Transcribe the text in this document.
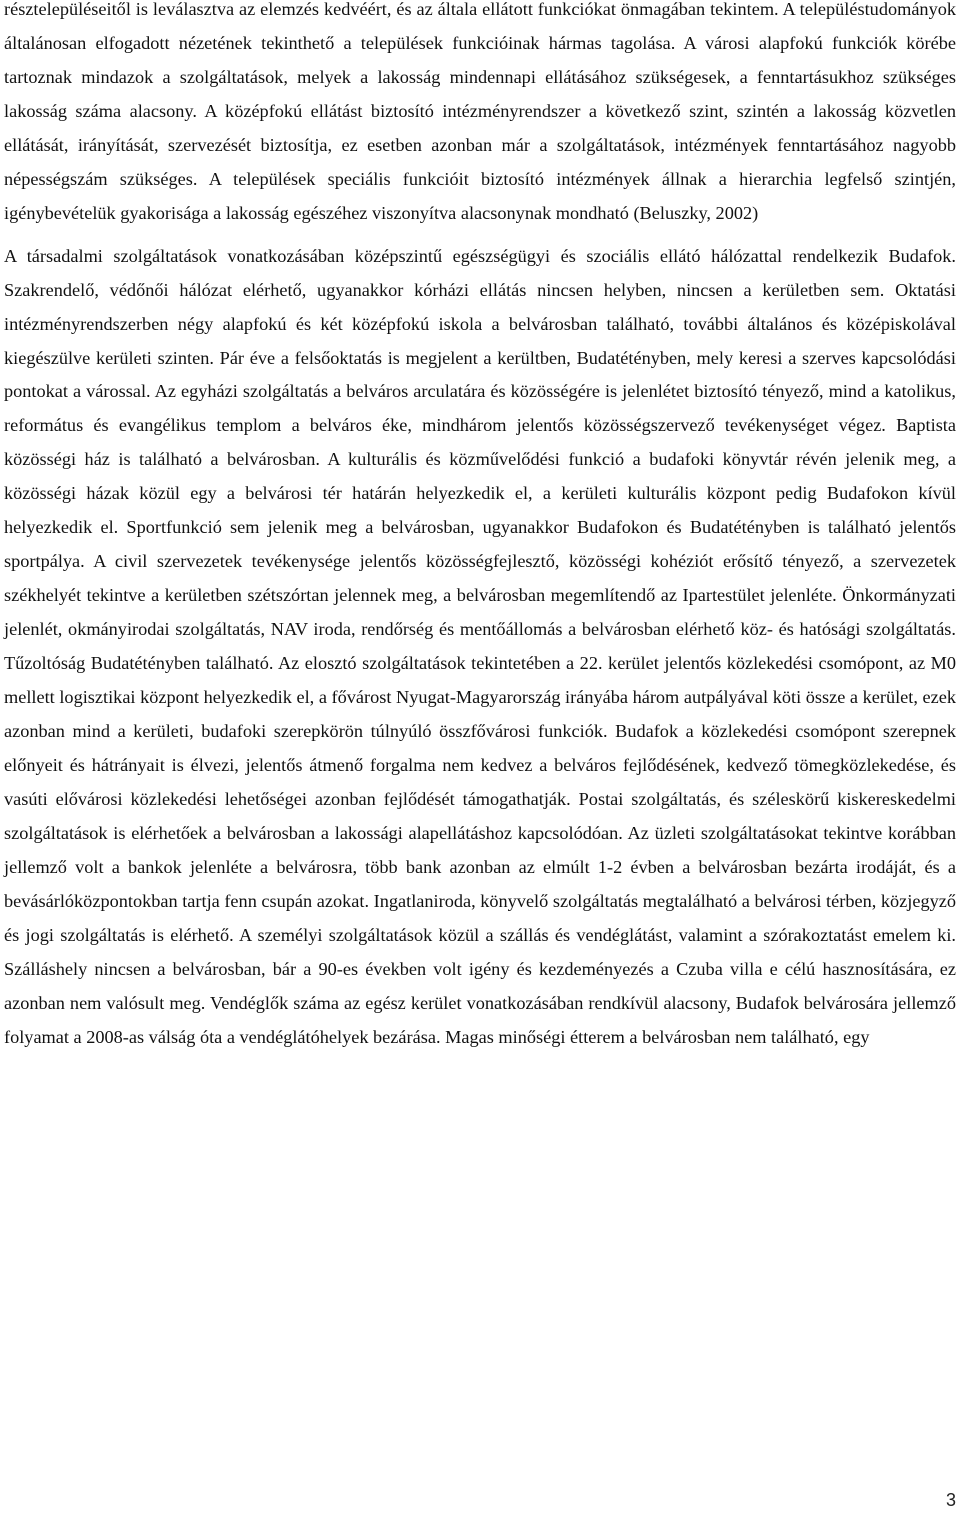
résztelepüléseitől is leválasztva az elemzés kedvéért, és az általa ellátott funkciókat önmagában tekintem. A településtudományok általánosan elfogadott nézetének tekinthető a települések funkcióinak hármas tagolása. A városi alapfokú funkciók körébe tartoznak mindazok a szolgáltatások, melyek a lakosság mindennapi ellátásához szükségesek, a fenntartásukhoz szükséges lakosság száma alacsony. A középfokú ellátást biztosító intézményrendszer a következő szint, szintén a lakosság közvetlen ellátását, irányítását, szervezését biztosítja, ez esetben azonban már a szolgáltatások, intézmények fenntartásához nagyobb népességszám szükséges. A települések speciális funkcióit biztosító intézmények állnak a hierarchia legfelső szintjén, igénybevételük gyakorisága a lakosság egészéhez viszonyítva alacsonynak mondható (Beluszky, 2002)

A társadalmi szolgáltatások vonatkozásában középszintű egészségügyi és szociális ellátó hálózattal rendelkezik Budafok. Szakrendelő, védőnői hálózat elérhető, ugyanakkor kórházi ellátás nincsen helyben, nincsen a kerületben sem. Oktatási intézményrendszerben négy alapfokú és két középfokú iskola a belvárosban található, további általános és középiskolával kiegészülve kerületi szinten. Pár éve a felsőoktatás is megjelent a kerültben, Budatétényben, mely keresi a szerves kapcsolódási pontokat a várossal. Az egyházi szolgáltatás a belváros arculatára és közösségére is jelenlétet biztosító tényező, mind a katolikus, református és evangélikus templom a belváros éke, mindhárom jelentős közösségszervező tevékenységet végez. Baptista közösségi ház is található a belvárosban. A kulturális és közművelődési funkció a budafoki könyvtár révén jelenik meg, a közösségi házak közül egy a belvárosi tér határán helyezkedik el, a kerületi kulturális központ pedig Budafokon kívül helyezkedik el. Sportfunkció sem jelenik meg a belvárosban, ugyanakkor Budafokon és Budatétényben is található jelentős sportpálya. A civil szervezetek tevékenysége jelentős közösségfejlesztő, közösségi kohéziót erősítő tényező, a szervezetek székhelyét tekintve a kerületben szétszórtan jelennek meg, a belvárosban megemlítendő az Ipartestület jelenléte. Önkormányzati jelenlét, okmányirodai szolgáltatás, NAV iroda, rendőrség és mentőállomás a belvárosban elérhető köz- és hatósági szolgáltatás. Tűzoltóság Budatétényben található. Az elosztó szolgáltatások tekintetében a 22. kerület jelentős közlekedési csomópont, az M0 mellett logisztikai központ helyezkedik el, a fővárost Nyugat-Magyarország irányába három autpályával köti össze a kerület, ezek azonban mind a kerületi, budafoki szerepkörön túlnyúló összfővárosi funkciók. Budafok a közlekedési csomópont szerepnek előnyeit és hátrányait is élvezi, jelentős átmenő forgalma nem kedvez a belváros fejlődésének, kedvező tömegközlekedése, és vasúti elővárosi közlekedési lehetőségei azonban fejlődését támogathatják. Postai szolgáltatás, és széleskörű kiskereskedelmi szolgáltatások is elérhetőek a belvárosban a lakossági alapellátáshoz kapcsolódóan. Az üzleti szolgáltatásokat tekintve korábban jellemző volt a bankok jelenléte a belvárosra, több bank azonban az elmúlt 1-2 évben a belvárosban bezárta irodáját, és a bevásárlóközpontokban tartja fenn csupán azokat. Ingatlaniroda, könyvelő szolgáltatás megtalálható a belvárosi térben, közjegyző és jogi szolgáltatás is elérhető. A személyi szolgáltatások közül a szállás és vendéglátást, valamint a szórakoztatást emelem ki. Szálláshely nincsen a belvárosban, bár a 90-es években volt igény és kezdeményezés a Czuba villa e célú hasznosítására, ez azonban nem valósult meg. Vendéglők száma az egész kerület vonatkozásában rendkívül alacsony, Budafok belvárosára jellemző folyamat a 2008-as válság óta a vendéglátóhelyek bezárása. Magas minőségi étterem a belvárosban nem található, egy

3
